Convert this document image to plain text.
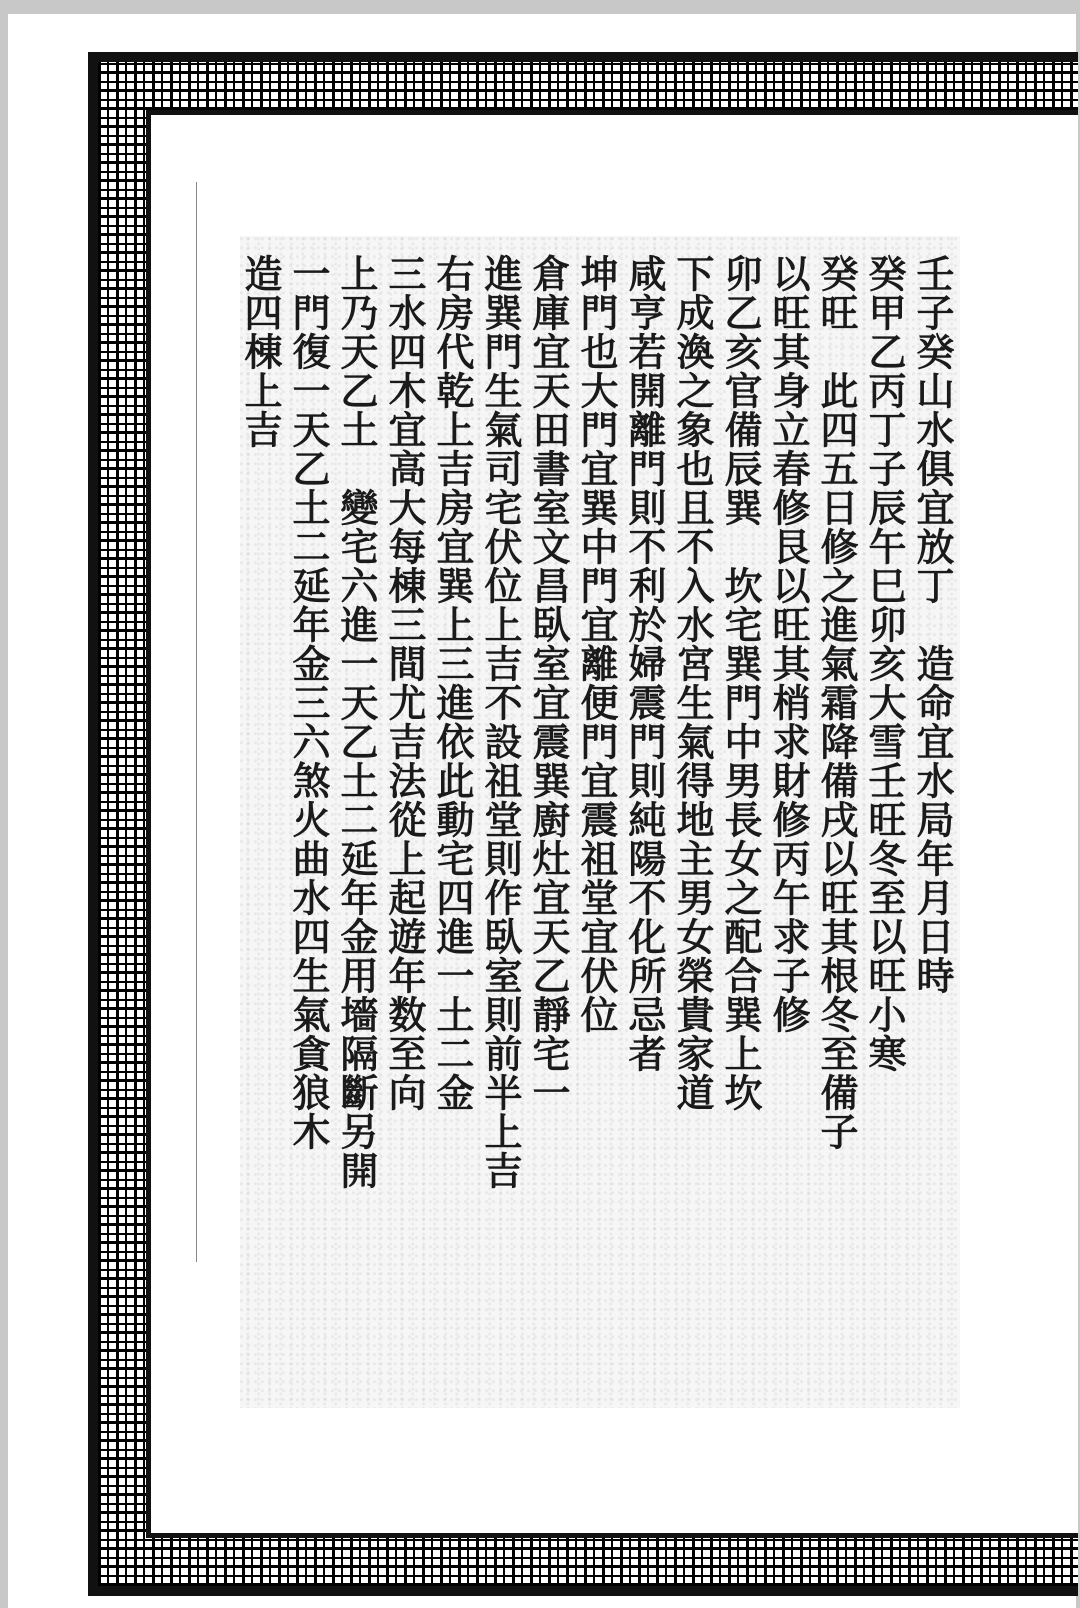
壬子癸山水俱宜放丁　造命宜水局年月日時
癸甲乙丙丁子辰午巳卯亥大雪壬旺冬至以旺小寒
癸旺　此四五日修之進氣霜降備戌以旺其根冬至備子
以旺其身立春修艮以旺其梢求財修丙午求子修
卯乙亥官備辰巽　坎宅巽門中男長女之配合巽上坎
下成渙之象也且不入水宮生氣得地主男女榮貴家道
咸亨若開離門則不利於婦震門則純陽不化所忌者
坤門也大門宜巽中門宜離便門宜震祖堂宜伏位
倉庫宜天田書室文昌臥室宜震巽廚灶宜天乙靜宅一
進巽門生氣司宅伏位上吉不設祖堂則作臥室則前半上吉
右房代乾上吉房宜巽上三進依此動宅四進一土二金
三水四木宜高大每棟三間尤吉法從上起遊年数至向
上乃天乙土　變宅六進一天乙土二延年金用墻隔斷另開
一門復一天乙土二延年金三六煞火曲水四生氣貪狼木
造四棟上吉
